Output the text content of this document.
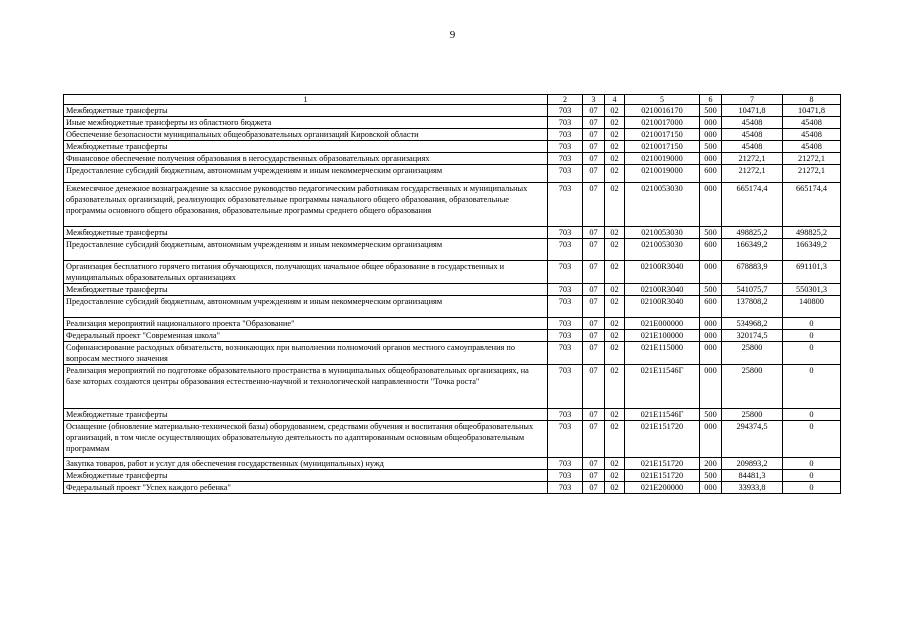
9
1	2	3	4	5	6	7	8
Межбюджетные трансферты	703	07	02	0210016170	500	10471,8	10471,8
Иные межбюджетные трансферты из областного бюджета	703	07	02	0210017000	000	45408	45408
Обеспечение безопасности муниципальных общеобразовательных организаций Кировской области	703	07	02	0210017150	000	45408	45408
Межбюджетные трансферты	703	07	02	0210017150	500	45408	45408
Финансовое обеспечение получения образования в негосударственных образовательных организациях	703	07	02	0210019000	000	21272,1	21272,1
Предоставление субсидий бюджетным, автономным учреждениям и иным некоммерческим организациям	703	07	02	0210019000	600	21272,1	21272,1
Ежемесячное денежное вознаграждение за классное руководство педагогическим работникам государственных и муниципальных образовательных организаций, реализующих образовательные программы начального общего образования, образовательные программы основного общего образования, образовательные программы среднего общего образования	703	07	02	0210053030	000	665174,4	665174,4
Межбюджетные трансферты	703	07	02	0210053030	500	498825,2	498825,2
Предоставление субсидий бюджетным, автономным учреждениям и иным некоммерческим организациям	703	07	02	0210053030	600	166349,2	166349,2
Организация бесплатного горячего питания обучающихся, получающих начальное общее образование в государственных и муниципальных образовательных организациях	703	07	02	02100R3040	000	678883,9	691101,3
Межбюджетные трансферты	703	07	02	02100R3040	500	541075,7	550301,3
Предоставление субсидий бюджетным, автономным учреждениям и иным некоммерческим организациям	703	07	02	02100R3040	600	137808,2	140800
Реализация мероприятий национального проекта "Образование"	703	07	02	021E000000	000	534968,2	0
Федеральный проект "Современная школа"	703	07	02	021E100000	000	320174,5	0
Софинансирование расходных обязательств, возникающих при выполнении полномочий органов местного самоуправления по вопросам местного значения	703	07	02	021E115000	000	25800	0
Реализация мероприятий по подготовке образовательного пространства в муниципальных общеобразовательных организациях, на базе которых создаются центры образования естественно-научной и технологической направленности "Точка роста"	703	07	02	021E11546Г	000	25800	0
Межбюджетные трансферты	703	07	02	021E11546Г	500	25800	0
Оснащение (обновление материально-технической базы) оборудованием, средствами обучения и воспитания общеобразовательных организаций, в том числе осуществляющих образовательную деятельность по адаптированным основным общеобразовательным программам	703	07	02	021E151720	000	294374,5	0
Закупка товаров, работ и услуг для обеспечения государственных (муниципальных) нужд	703	07	02	021E151720	200	209893,2	0
Межбюджетные трансферты	703	07	02	021E151720	500	84481,3	0
Федеральный проект "Успех каждого ребенка"	703	07	02	021E200000	000	33933,8	0
